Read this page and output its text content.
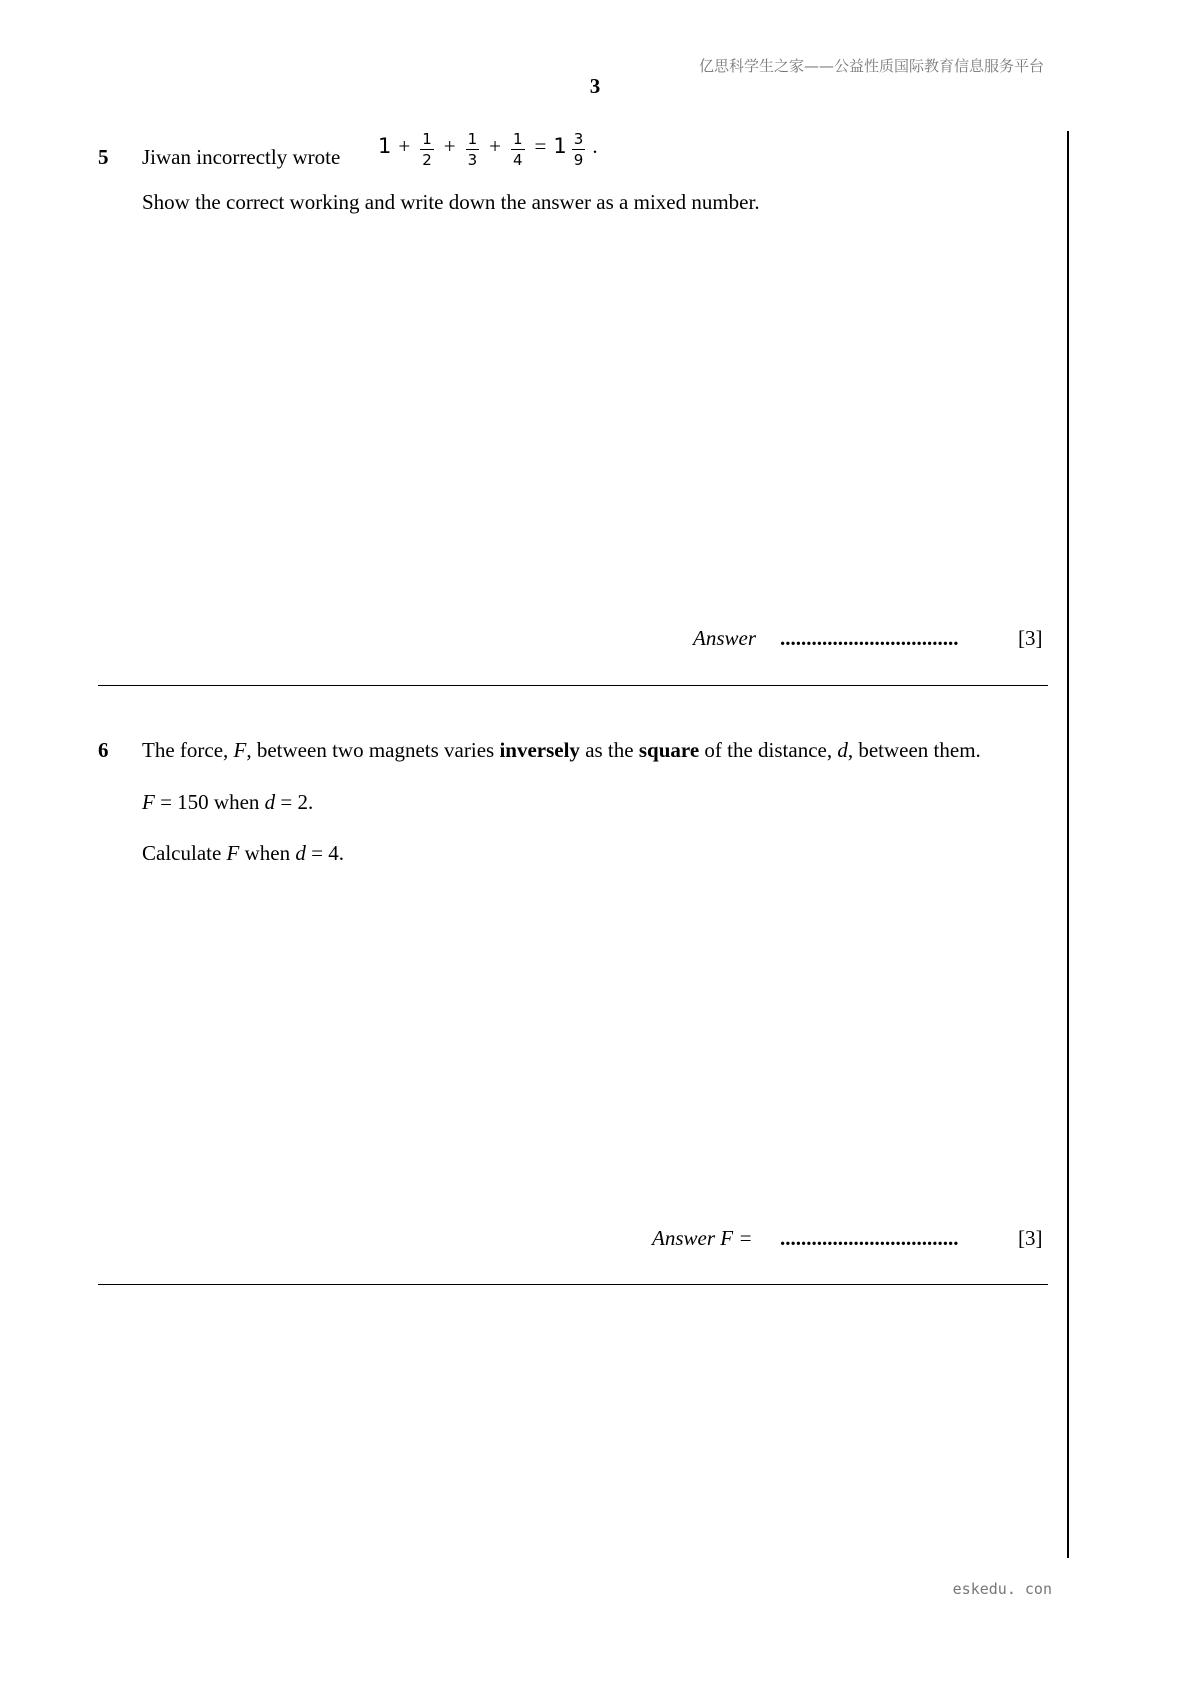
亿思科学生之家——公益性质国际教育信息服务平台
3
5 Jiwan incorrectly wrote $1 + \frac{1}{2} + \frac{1}{3} + \frac{1}{4} = 1 \frac{3}{9}$ .
Show the correct working and write down the answer as a mixed number.
Answer ..................................	[3]
6 The force, F, between two magnets varies inversely as the square of the distance, d, between them.
F = 150 when d = 2.
Calculate F when d = 4.
Answer F = ..................................	[3]
eskedu. con
